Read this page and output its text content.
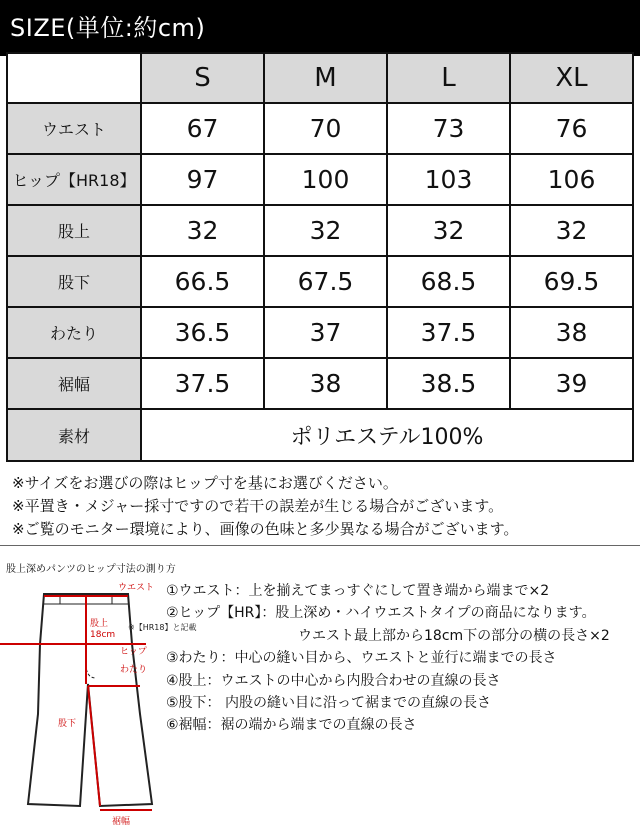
SIZE(単位:約cm)
	S	M	L	XL
ウエスト	67	70	73	76
ヒップ【HR18】	97	100	103	106
股上	32	32	32	32
股下	66.5	67.5	68.5	69.5
わたり	36.5	37	37.5	38
裾幅	37.5	38	38.5	39
素材	ポリエステル100%			
※サイズをお選びの際はヒップ寸を基にお選びください。
※平置き・メジャー採寸ですので若干の誤差が生じる場合がございます。
※ご覧のモニター環境により、画像の色味と多少異なる場合がございます。
股上深めパンツのヒップ寸法の測り方
ウエスト
股上
18cm
※【HR18】と記載
ヒップ
わたり
股下
裾幅
①ウエスト：上を揃えてまっすぐにして置き端から端まで×2
②ヒップ【HR】：股上深め・ハイウエストタイプの商品になります。
ウエスト最上部から18cm下の部分の横の長さ×2
③わたり：中心の縫い目から、ウエストと並行に端までの長さ
④股上：ウエストの中心から内股合わせの直線の長さ
⑤股下： 内股の縫い目に沿って裾までの直線の長さ
⑥裾幅：裾の端から端までの直線の長さ
